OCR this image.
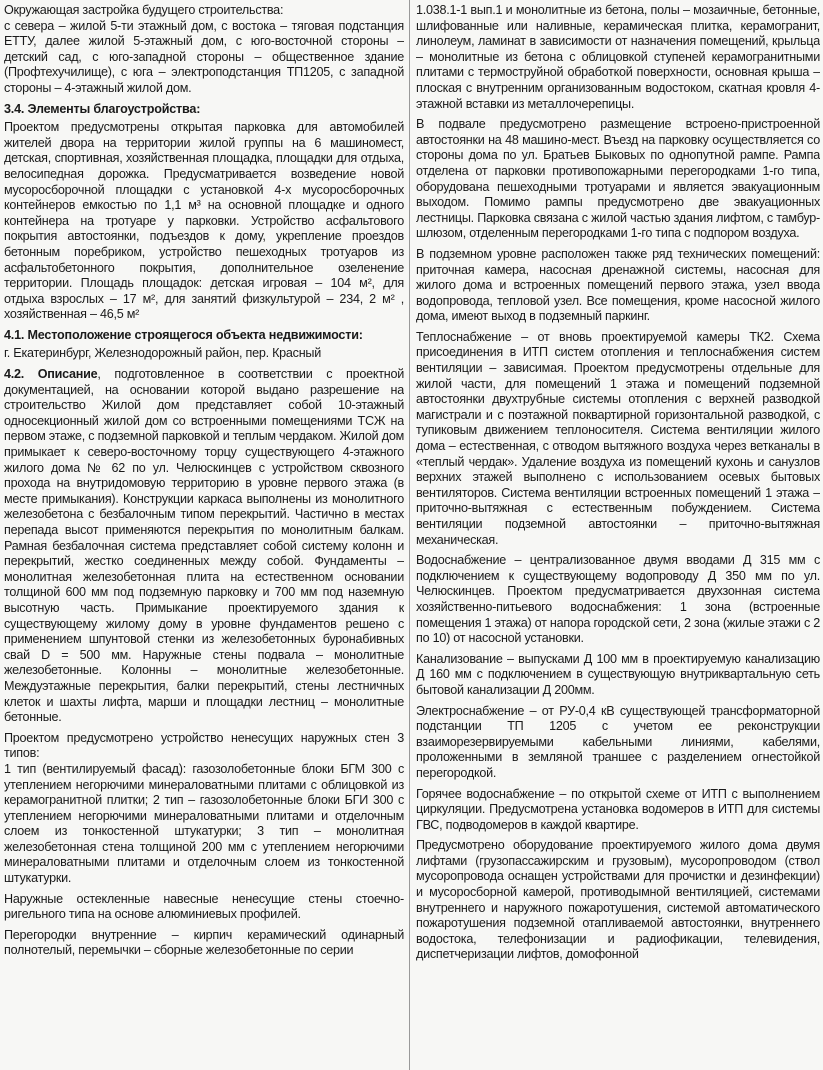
Окружающая застройка будущего строительства:
с севера – жилой 5-ти этажный дом, с востока – тяговая подстанция ЕТТУ, далее жилой 5-этажный дом, с юго-восточной стороны – детский сад, с юго-западной стороны – общественное здание (Профтехучилище), с юга – электроподстанция ТП1205, с западной стороны – 4-этажный жилой дом.

3.4. Элементы благоустройства:

Проектом предусмотрены открытая парковка для автомобилей жителей двора на территории жилой группы на 6 машиномест, детская, спортивная, хозяйственная площадка, площадки для отдыха, велосипедная дорожка. Предусматривается возведение новой мусоросборочной площадки с установкой 4-х мусоросборочных контейнеров емкостью по 1,1 м³ на основной площадке и одного контейнера на тротуаре у парковки. Устройство асфальтового покрытия автостоянки, подъездов к дому, укрепление проездов бетонным поребриком, устройство пешеходных тротуаров из асфальтобетонного покрытия, дополнительное озеленение территории. Площадь площадок: детская игровая – 104 м², для отдыха взрослых – 17 м², для занятий физкультурой – 234, 2 м² , хозяйственная – 46,5 м²

4.1. Местоположение строящегося объекта недвижимости:

г. Екатеринбург, Железнодорожный район, пер. Красный

4.2. Описание, подготовленное в соответствии с проектной документацией, на основании которой выдано разрешение на строительство Жилой дом представляет собой 10-этажный односекционный жилой дом со встроенными помещениями ТСЖ на первом этаже, с подземной парковкой и теплым чердаком. Жилой дом примыкает к северо-восточному торцу существующего 4-этажного жилого дома № 62 по ул. Челюскинцев с устройством сквозного прохода на внутридомовую территорию в уровне первого этажа (в месте примыкания). Конструкции каркаса выполнены из монолитного железобетона с безбалочным типом перекрытий. Частично в местах перепада высот применяются перекрытия по монолитным балкам. Рамная безбалочная система представляет собой систему колонн и перекрытий, жестко соединенных между собой. Фундаменты – монолитная железобетонная плита на естественном основании толщиной 600 мм под подземную парковку и 700 мм под наземную высотную часть. Примыкание проектируемого здания к существующему жилому дому в уровне фундаментов решено с применением шпунтовой стенки из железобетонных буронабивных свай D = 500 мм. Наружные стены подвала – монолитные железобетонные. Колонны – монолитные железобетонные. Междуэтажные перекрытия, балки перекрытий, стены лестничных клеток и шахты лифта, марши и площадки лестниц – монолитные бетонные.

Проектом предусмотрено устройство ненесущих наружных стен 3 типов:
1 тип (вентилируемый фасад): газозолобетонные блоки БГМ 300 с утеплением негорючими минераловатными плитами с облицовкой из керамогранитной плитки; 2 тип – газозолобетонные блоки БГИ 300 с утеплением негорючими минераловатными плитами и отделочным слоем из тонкостенной штукатурки; 3 тип – монолитная железобетонная стена толщиной 200 мм с утеплением негорючими минераловатными плитами и отделочным слоем из тонкостенной штукатурки.

Наружные остекленные навесные ненесущие стены стоечно-ригельного типа на основе алюминиевых профилей.

Перегородки внутренние – кирпич керамический одинарный полнотелый, перемычки – сборные железобетонные по серии

1.038.1-1 вып.1 и монолитные из бетона, полы – мозаичные, бетонные, шлифованные или наливные, керамическая плитка, керамогранит, линолеум, ламинат в зависимости от назначения помещений, крыльца – монолитные из бетона с облицовкой ступеней керамогранитными плитами с термоструйной обработкой поверхности, основная крыша – плоская с внутренним организованным водостоком, скатная кровля 4-этажной вставки из металлочерепицы.

В подвале предусмотрено размещение встроено-пристроенной автостоянки на 48 машино-мест. Въезд на парковку осуществляется со стороны дома по ул. Братьев Быковых по однопутной рампе. Рампа отделена от парковки противопожарными перегородками 1-го типа, оборудована пешеходными тротуарами и является эвакуационным выходом. Помимо рампы предусмотрено две эвакуационных лестницы. Парковка связана с жилой частью здания лифтом, с тамбур-шлюзом, отделенным перегородками 1-го типа с подпором воздуха.

В подземном уровне расположен также ряд технических помещений: приточная камера, насосная дренажной системы, насосная для жилого дома и встроенных помещений первого этажа, узел ввода водопровода, тепловой узел. Все помещения, кроме насосной жилого дома, имеют выход в подземный паркинг.

Теплоснабжение – от вновь проектируемой камеры ТК2. Схема присоединения в ИТП систем отопления и теплоснабжения систем вентиляции – зависимая. Проектом предусмотрены отдельные для жилой части, для помещений 1 этажа и помещений подземной автостоянки двухтрубные системы отопления с верхней разводкой магистрали и с поэтажной поквартирной горизонтальной разводкой, с тупиковым движением теплоносителя. Система вентиляции жилого дома – естественная, с отводом вытяжного воздуха через ветканалы в «теплый чердак». Удаление воздуха из помещений кухонь и санузлов верхних этажей выполнено с использованием осевых бытовых вентиляторов. Система вентиляции встроенных помещений 1 этажа – приточно-вытяжная с естественным побуждением. Система вентиляции подземной автостоянки – приточно-вытяжная механическая.

Водоснабжение – централизованное двумя вводами Д 315 мм с подключением к существующему водопроводу Д 350 мм по ул. Челюскинцев. Проектом предусматривается двухзонная система хозяйственно-питьевого водоснабжения: 1 зона (встроенные помещения 1 этажа) от напора городской сети, 2 зона (жилые этажи с 2 по 10) от насосной установки.

Канализование – выпусками Д 100 мм в проектируемую канализацию Д 160 мм с подключением в существующую внутриквартальную сеть бытовой канализации Д 200мм.

Электроснабжение – от РУ-0,4 кВ существующей трансформаторной подстанции ТП 1205 с учетом ее реконструкции взаиморезервируемыми кабельными линиями, кабелями, проложенными в земляной траншее с разделением огнестойкой перегородкой.

Горячее водоснабжение – по открытой схеме от ИТП с выполнением циркуляции. Предусмотрена установка водомеров в ИТП для системы ГВС, подводомеров в каждой квартире.

Предусмотрено оборудование проектируемого жилого дома двумя лифтами (грузопассажирским и грузовым), мусоропроводом (ствол мусоропровода оснащен устройствами для прочистки и дезинфекции) и мусоросборной камерой, противодымной вентиляцией, системами внутреннего и наружного пожаротушения, системой автоматического пожаротушения подземной отапливаемой автостоянки, внутреннего водостока, телефонизации и радиофикации, телевидения, диспетчеризации лифтов, домофонной
